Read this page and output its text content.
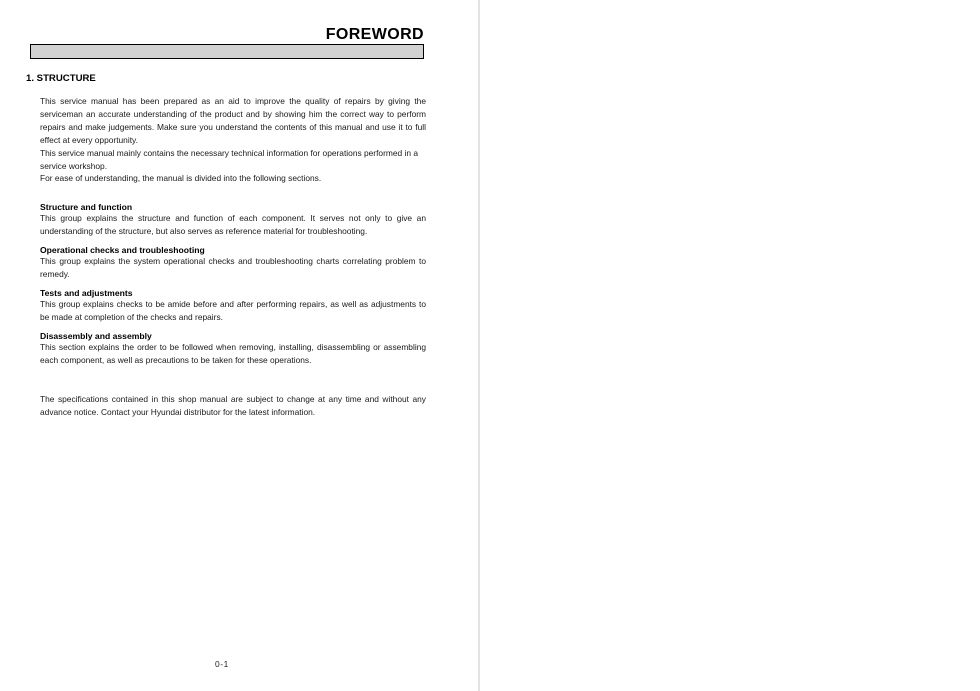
FOREWORD
1. STRUCTURE
This service manual has been prepared as an aid to improve the quality of repairs by giving the serviceman an accurate understanding of the product and by showing him the correct way to perform repairs and make judgements. Make sure you understand the contents of this manual and use it to full effect at every opportunity.
This service manual mainly contains the necessary technical information for operations performed in a service workshop.
For ease of understanding, the manual is divided into the following sections.
Structure and function
This group explains the structure and function of each component. It serves not only to give an understanding of the structure, but also serves as reference material for troubleshooting.
Operational checks and troubleshooting
This group explains the system operational checks and troubleshooting charts correlating problem to remedy.
Tests and adjustments
This group explains checks to be amide before and after performing repairs, as well as adjustments to be made at completion of the checks and repairs.
Disassembly and assembly
This section explains the order to be followed when removing, installing, disassembling or assembling each component, as well as precautions to be taken for these operations.
The specifications contained in this shop manual are subject to change at any time and without any advance notice. Contact your Hyundai distributor for the latest information.
0-1
